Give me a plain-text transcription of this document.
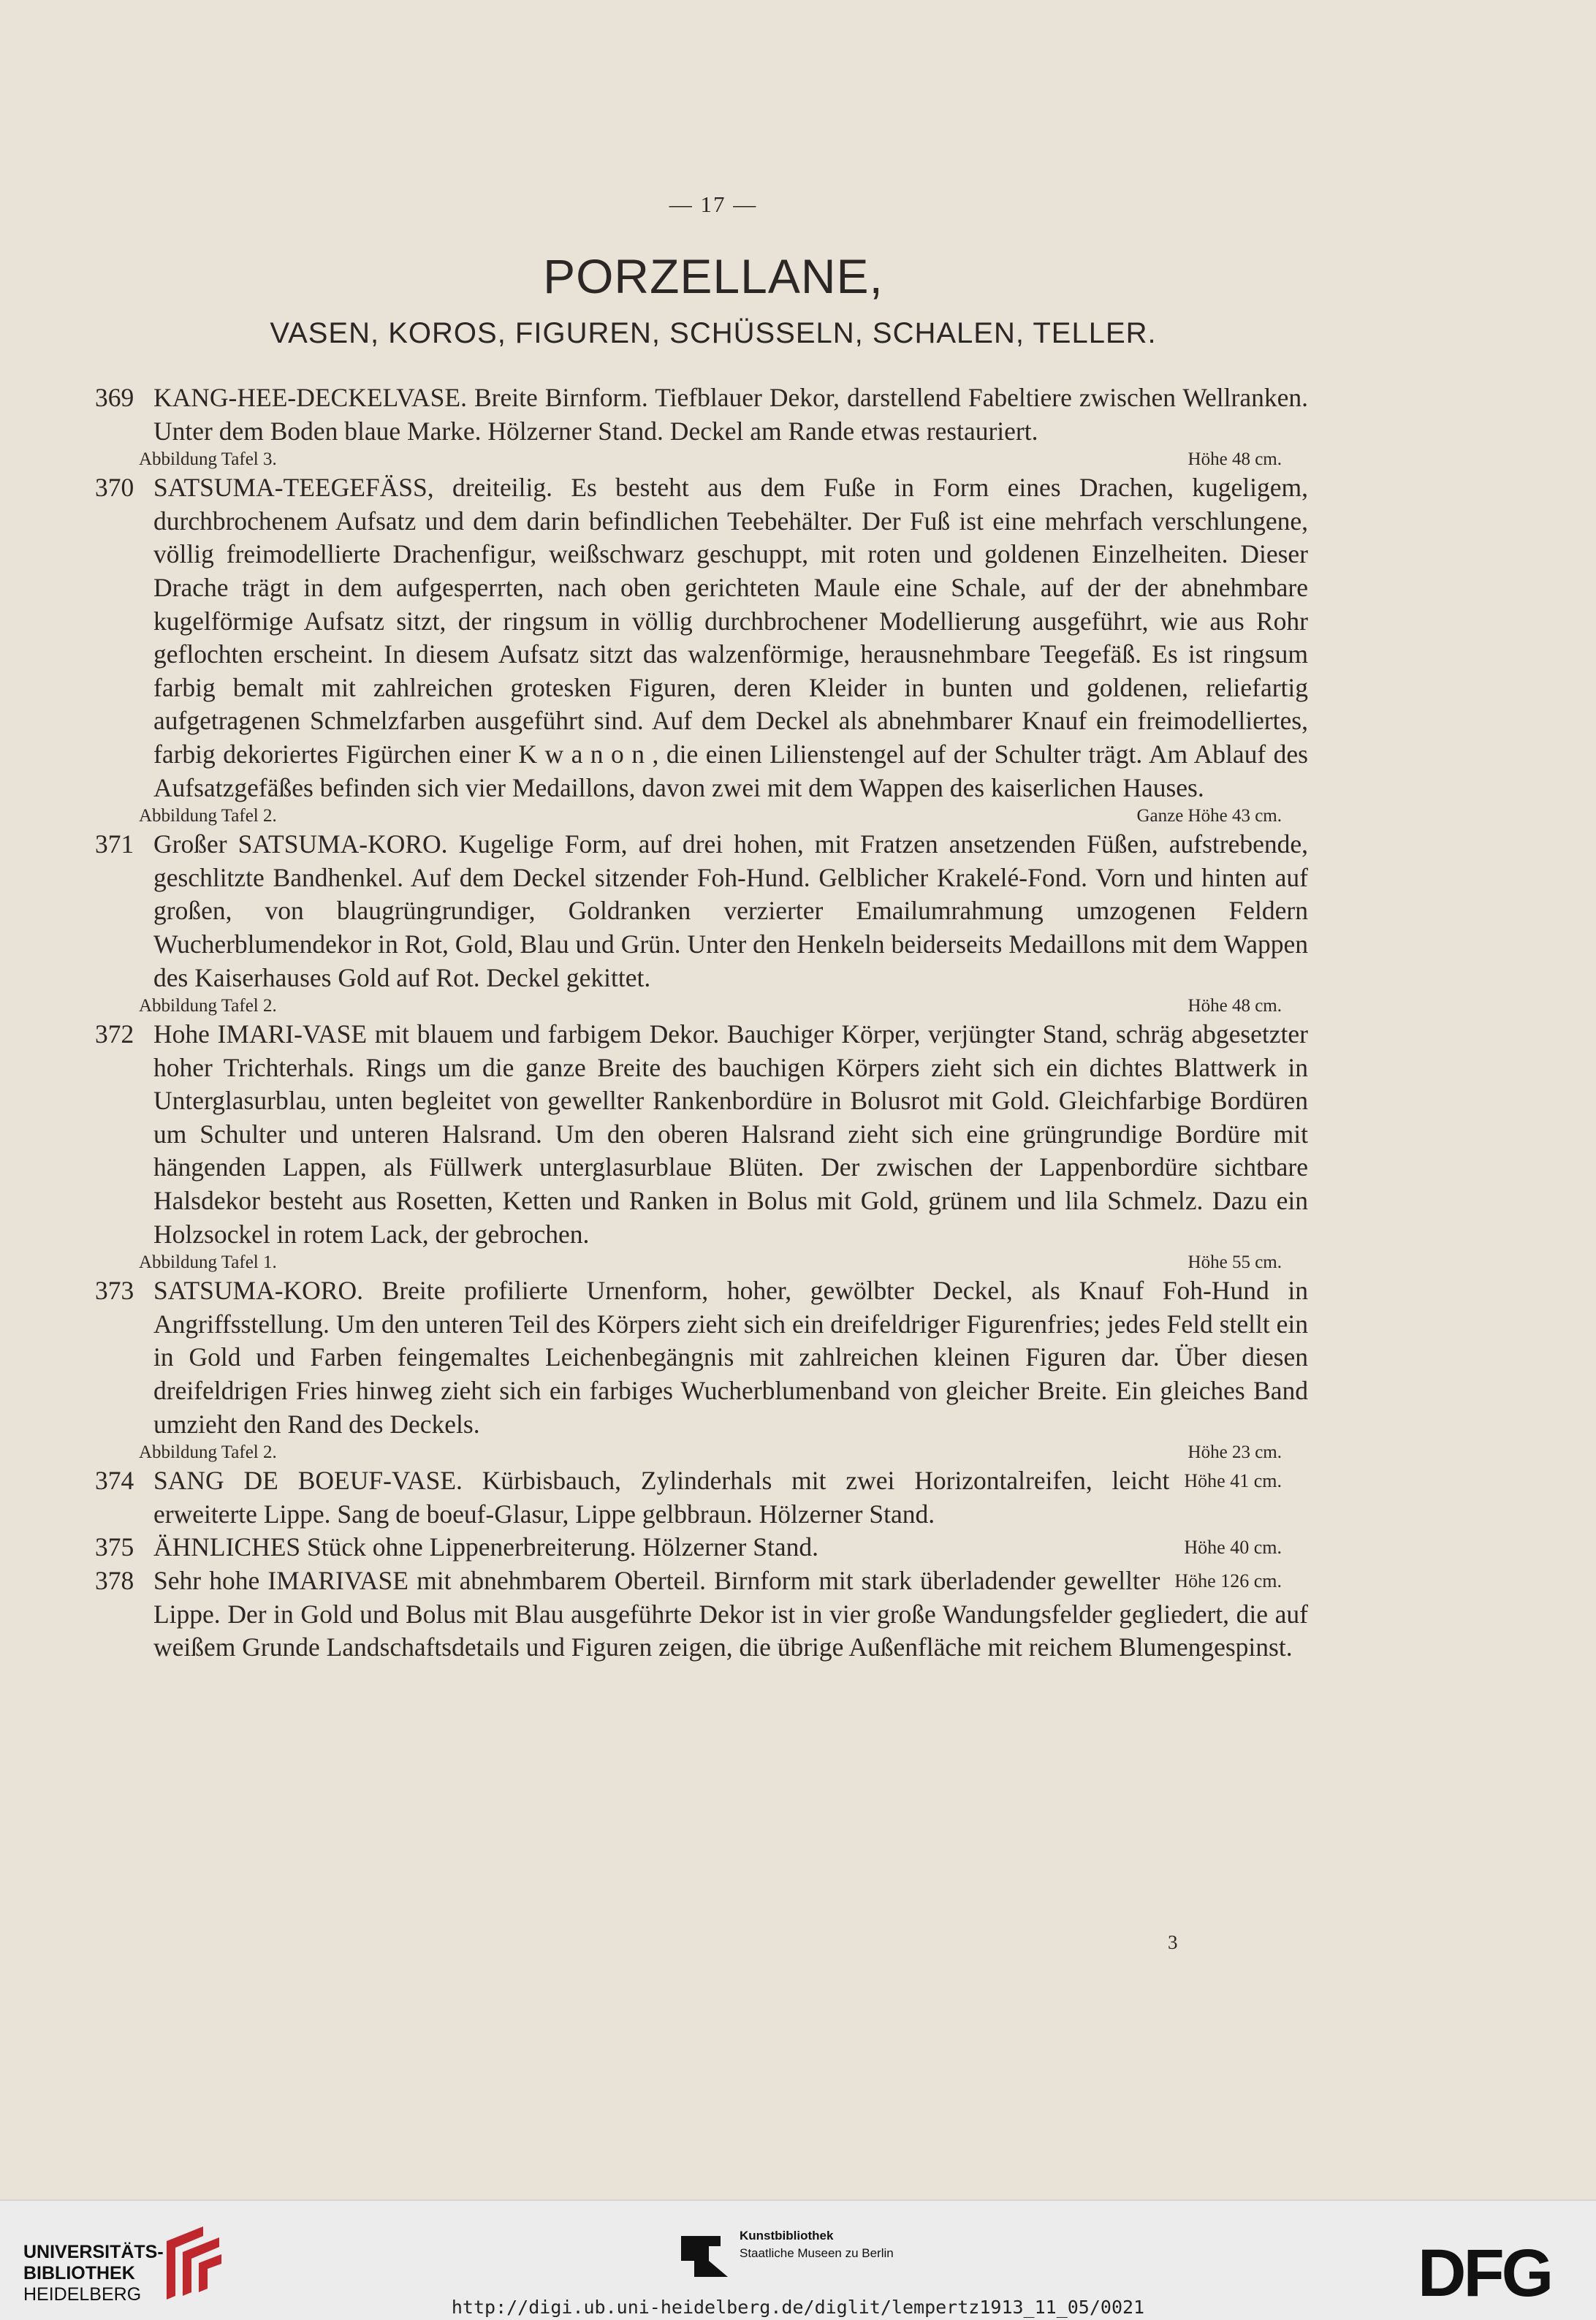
— 17 —
PORZELLANE,
VASEN, KOROS, FIGUREN, SCHÜSSELN, SCHALEN, TELLER.
369 KANG-HEE-DECKELVASE. Breite Birnform. Tiefblauer Dekor, darstellend Fabeltiere zwischen Wellranken. Unter dem Boden blaue Marke. Hölzerner Stand. Deckel am Rande etwas restauriert.
Abbildung Tafel 3.	Höhe 48 cm.
370 SATSUMA-TEEGEFÄSS, dreiteilig. Es besteht aus dem Fuße in Form eines Drachen, kugeligem, durchbrochenem Aufsatz und dem darin befindlichen Teebehälter. Der Fuß ist eine mehrfach verschlungene, völlig freimodellierte Drachenfigur, weißschwarz geschuppt, mit roten und goldenen Einzelheiten. Dieser Drache trägt in dem aufgesperrten, nach oben gerichteten Maule eine Schale, auf der der abnehmbare kugelförmige Aufsatz sitzt, der ringsum in völlig durchbrochener Modellierung ausgeführt, wie aus Rohr geflochten erscheint. In diesem Aufsatz sitzt das walzenförmige, herausnehmbare Teegefäß. Es ist ringsum farbig bemalt mit zahlreichen grotesken Figuren, deren Kleider in bunten und goldenen, reliefartig aufgetragenen Schmelzfarben ausgeführt sind. Auf dem Deckel als abnehmbarer Knauf ein freimodelliertes, farbig dekoriertes Figürchen einer K w a n o n , die einen Lilienstengel auf der Schulter trägt. Am Ablauf des Aufsatzgefäßes befinden sich vier Medaillons, davon zwei mit dem Wappen des kaiserlichen Hauses.
Abbildung Tafel 2.	Ganze Höhe 43 cm.
371 Großer SATSUMA-KORO. Kugelige Form, auf drei hohen, mit Fratzen ansetzenden Füßen, aufstrebende, geschlitzte Bandhenkel. Auf dem Deckel sitzender Foh-Hund. Gelblicher Krakelé-Fond. Vorn und hinten auf großen, von blaugrüngrundiger, Goldranken verzierter Emailumrahmung umzogenen Feldern Wucherblumendekor in Rot, Gold, Blau und Grün. Unter den Henkeln beiderseits Medaillons mit dem Wappen des Kaiserhauses Gold auf Rot. Deckel gekittet.
Abbildung Tafel 2.	Höhe 48 cm.
372 Hohe IMARI-VASE mit blauem und farbigem Dekor. Bauchiger Körper, verjüngter Stand, schräg abgesetzter hoher Trichterhals. Rings um die ganze Breite des bauchigen Körpers zieht sich ein dichtes Blattwerk in Unterglasurblau, unten begleitet von gewellter Rankenbordüre in Bolusrot mit Gold. Gleichfarbige Bordüren um Schulter und unteren Halsrand. Um den oberen Halsrand zieht sich eine grüngrundige Bordüre mit hängenden Lappen, als Füllwerk unterglasurblaue Blüten. Der zwischen der Lappenbordüre sichtbare Halsdekor besteht aus Rosetten, Ketten und Ranken in Bolus mit Gold, grünem und lila Schmelz. Dazu ein Holzsockel in rotem Lack, der gebrochen.
Abbildung Tafel 1.	Höhe 55 cm.
373 SATSUMA-KORO. Breite profilierte Urnenform, hoher, gewölbter Deckel, als Knauf Foh-Hund in Angriffsstellung. Um den unteren Teil des Körpers zieht sich ein dreifeldriger Figurenfries; jedes Feld stellt ein in Gold und Farben feingemaltes Leichenbegängnis mit zahlreichen kleinen Figuren dar. Über diesen dreifeldrigen Fries hinweg zieht sich ein farbiges Wucherblumenband von gleicher Breite. Ein gleiches Band umzieht den Rand des Deckels.
Abbildung Tafel 2.	Höhe 23 cm.
374	Höhe 41 cm.
SANG DE BOEUF-VASE. Kürbisbauch, Zylinderhals mit zwei Horizontalreifen, leicht erweiterte Lippe. Sang de boeuf-Glasur, Lippe gelbbraun. Hölzerner Stand.
375	Höhe 40 cm.
ÄHNLICHES Stück ohne Lippenerbreiterung. Hölzerner Stand.
378	Höhe 126 cm.
Sehr hohe IMARIVASE mit abnehmbarem Oberteil. Birnform mit stark überladender gewellter Lippe. Der in Gold und Bolus mit Blau ausgeführte Dekor ist in vier große Wandungsfelder gegliedert, die auf weißem Grunde Landschaftsdetails und Figuren zeigen, die übrige Außenfläche mit reichem Blumengespinst.
3
UNIVERSITÄTS-
BIBLIOTHEK
HEIDELBERG
Kunstbibliothek
Staatliche Museen zu Berlin	DFG
http://digi.ub.uni-heidelberg.de/diglit/lempertz1913_11_05/0021
